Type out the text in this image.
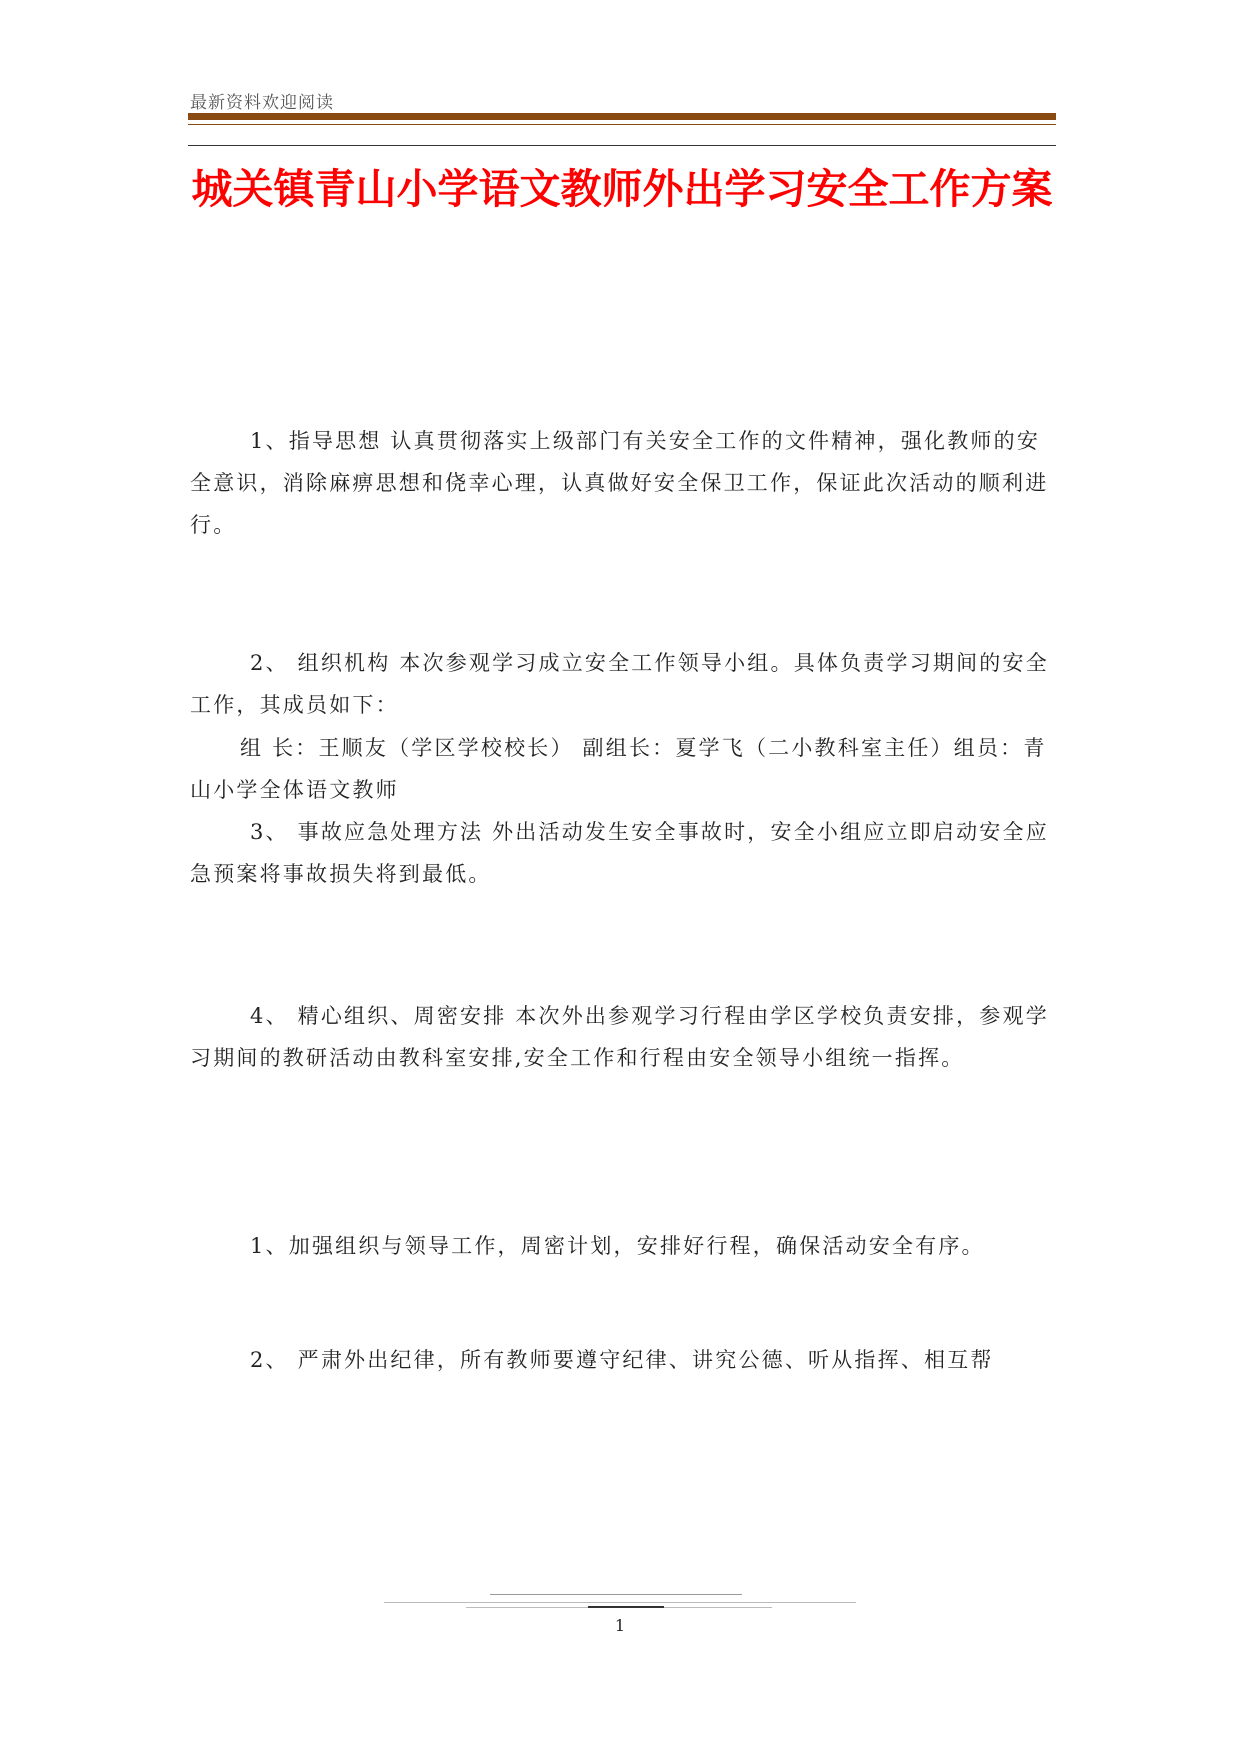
最新资料欢迎阅读
城关镇青山小学语文教师外出学习安全工作方案

1、指导思想 认真贯彻落实上级部门有关安全工作的文件精神，强化教师的安全意识，消除麻痹思想和侥幸心理，认真做好安全保卫工作，保证此次活动的顺利进行。

2、 组织机构 本次参观学习成立安全工作领导小组。具体负责学习期间的安全工作，其成员如下：

组 长：王顺友（学区学校校长） 副组长：夏学飞（二小教科室主任）组员：青山小学全体语文教师

3、 事故应急处理方法 外出活动发生安全事故时，安全小组应立即启动安全应急预案将事故损失将到最低。

4、 精心组织、周密安排 本次外出参观学习行程由学区学校负责安排，参观学习期间的教研活动由教科室安排,安全工作和行程由安全领导小组统一指挥。

1、加强组织与领导工作，周密计划，安排好行程，确保活动安全有序。

2、 严肃外出纪律，所有教师要遵守纪律、讲究公德、听从指挥、相互帮

1
